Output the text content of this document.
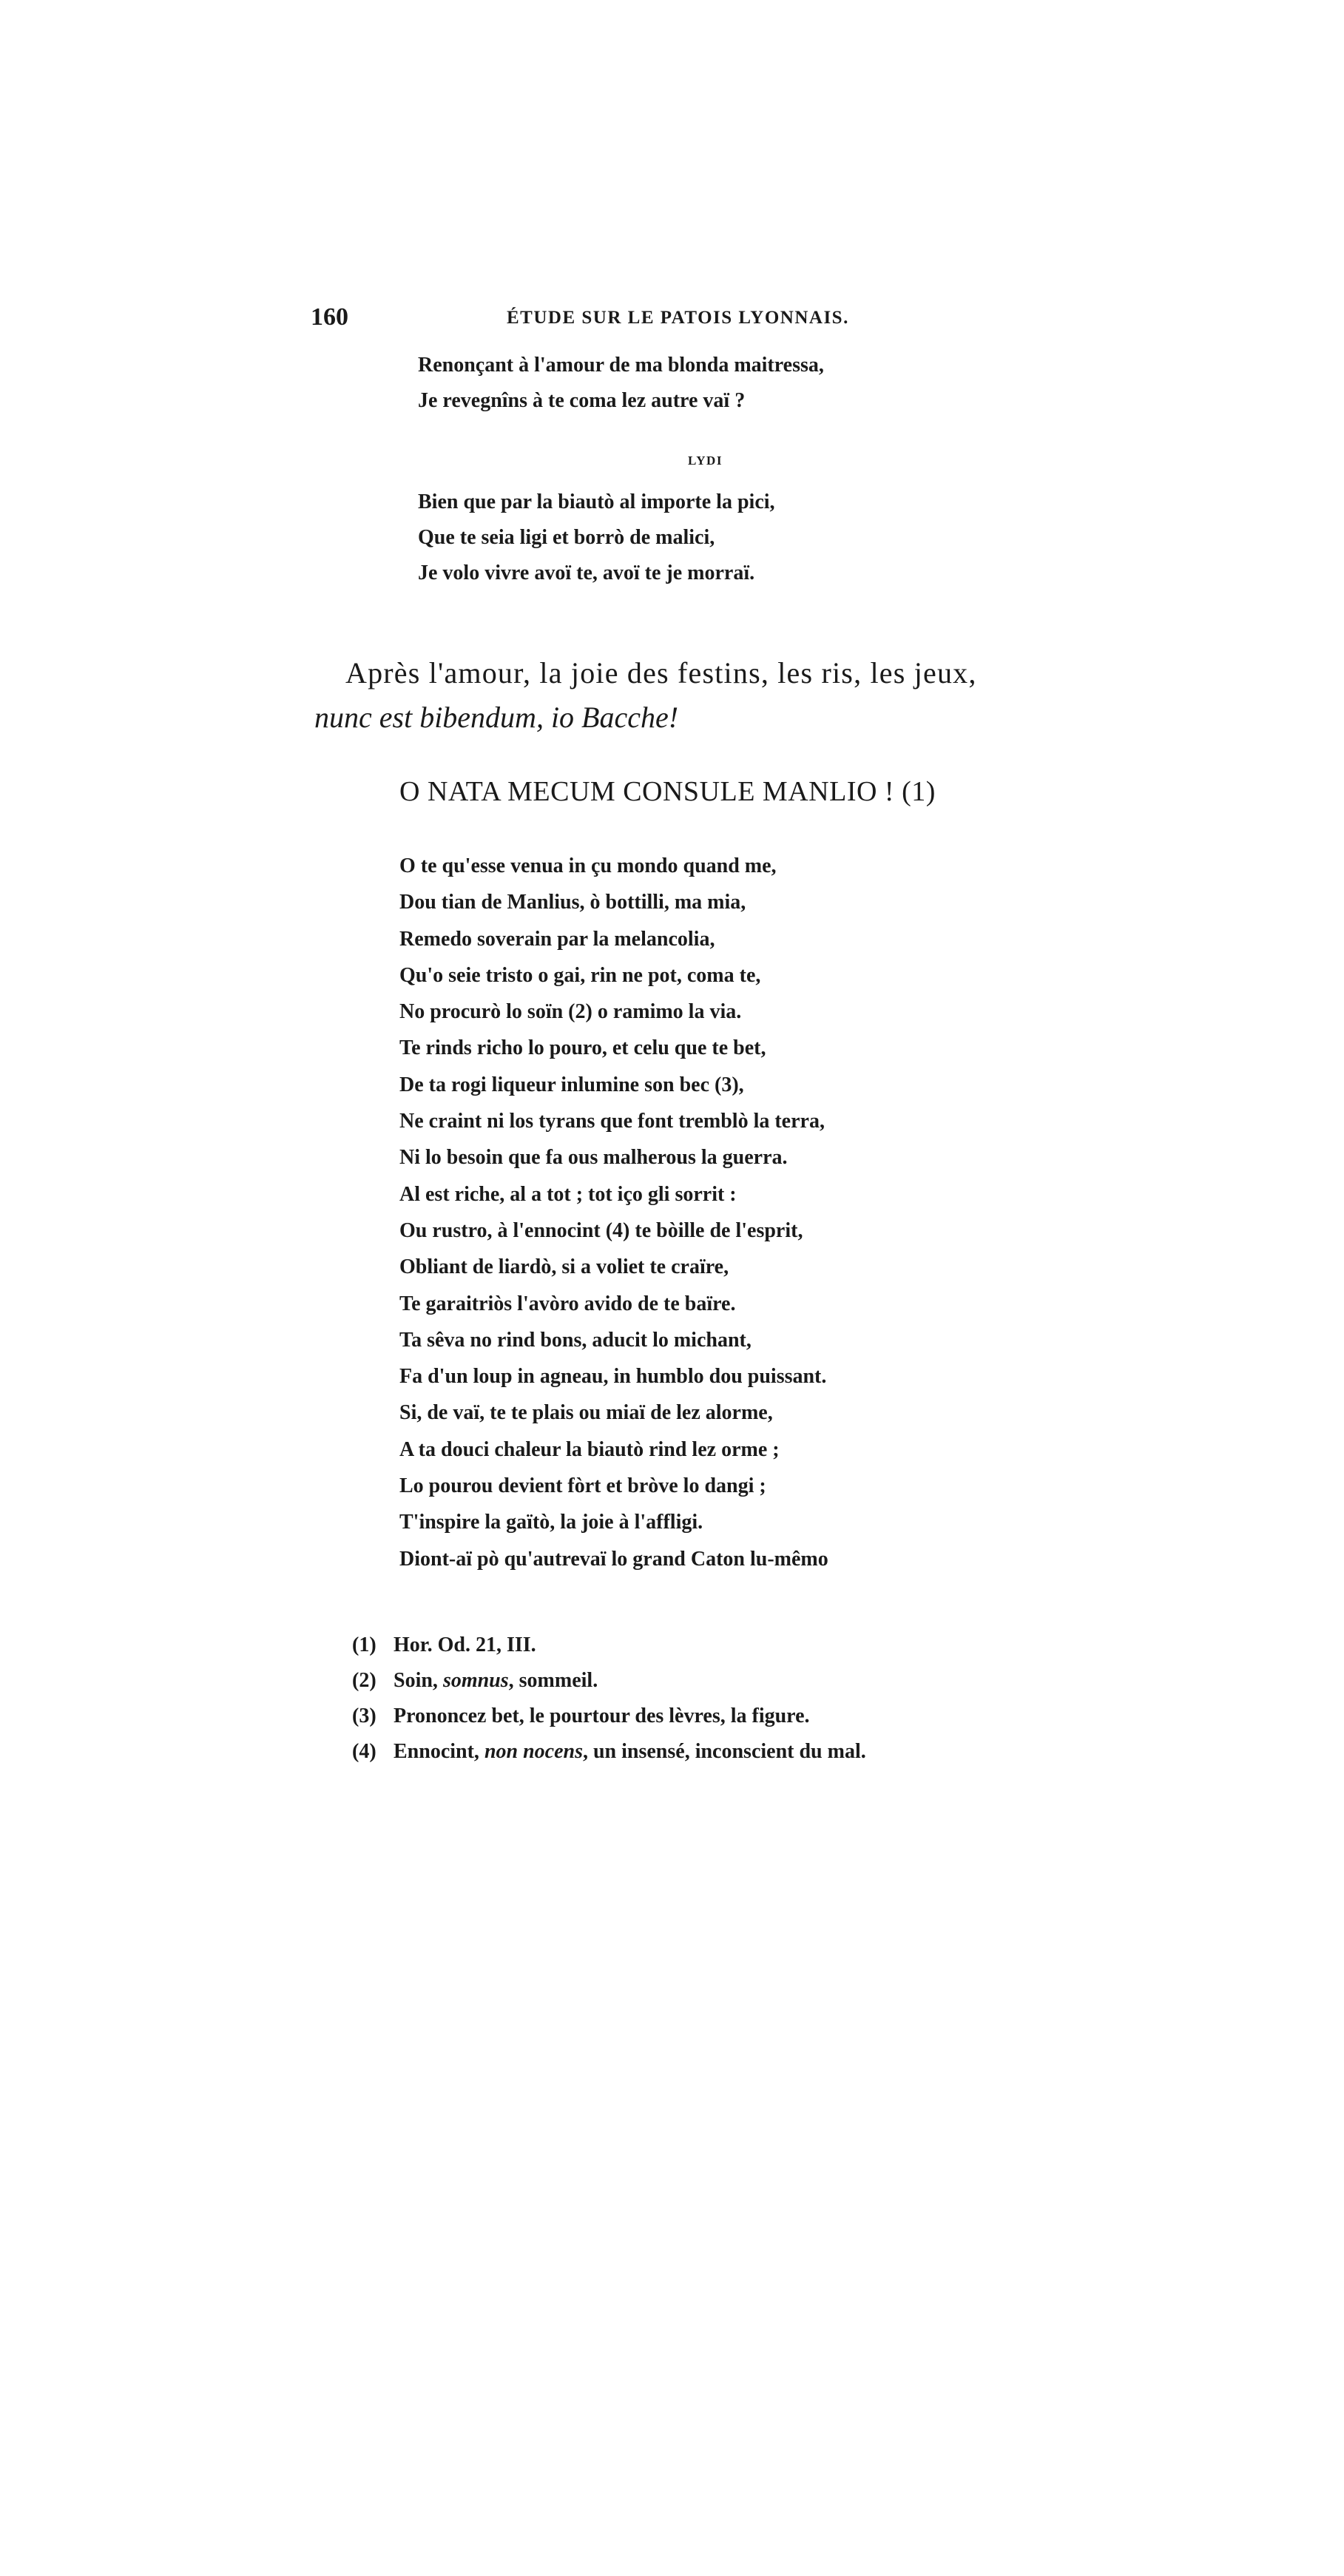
160	ÉTUDE SUR LE PATOIS LYONNAIS.
Renonçant à l'amour de ma blonda maitressa,
Je revegnîns à te coma lez autre vaï ?
LYDI
Bien que par la biautò al importe la pici,
Que te seia ligi et borrò de malici,
Je volo vivre avoï te, avoï te je morraï.
Après l'amour, la joie des festins, les ris, les jeux,
nunc est bibendum, io Bacche!
O NATA MECUM CONSULE MANLIO ! (1)
O te qu'esse venua in çu mondo quand me,
Dou tian de Manlius, ò bottilli, ma mia,
Remedo soverain par la melancolia,
Qu'o seie tristo o gai, rin ne pot, coma te,
No procurò lo soïn (2) o ramimo la via.
Te rinds richo lo pouro, et celu que te bet,
De ta rogi liqueur inlumine son bec (3),
Ne craint ni los tyrans que font tremblò la terra,
Ni lo besoin que fa ous malherous la guerra.
Al est riche, al a tot ; tot iço gli sorrit :
Ou rustro, à l'ennocint (4) te bòille de l'esprit,
Obliant de liardò, si a voliet te craïre,
Te garaitriòs l'avòro avido de te baïre.
Ta sêva no rind bons, aducit lo michant,
Fa d'un loup in agneau, in humblo dou puissant.
Si, de vaï, te te plais ou miaï de lez alorme,
A ta douci chaleur la biautò rind lez orme ;
Lo pourou devient fòrt et bròve lo dangi ;
T'inspire la gaïtò, la joie à l'affligi.
Diont-aï pò qu'autrevaï lo grand Caton lu-mêmo
(1) Hor. Od. 21, III.
(2) Soin, somnus, sommeil.
(3) Prononcez bet, le pourtour des lèvres, la figure.
(4) Ennocint, non nocens, un insensé, inconscient du mal.
